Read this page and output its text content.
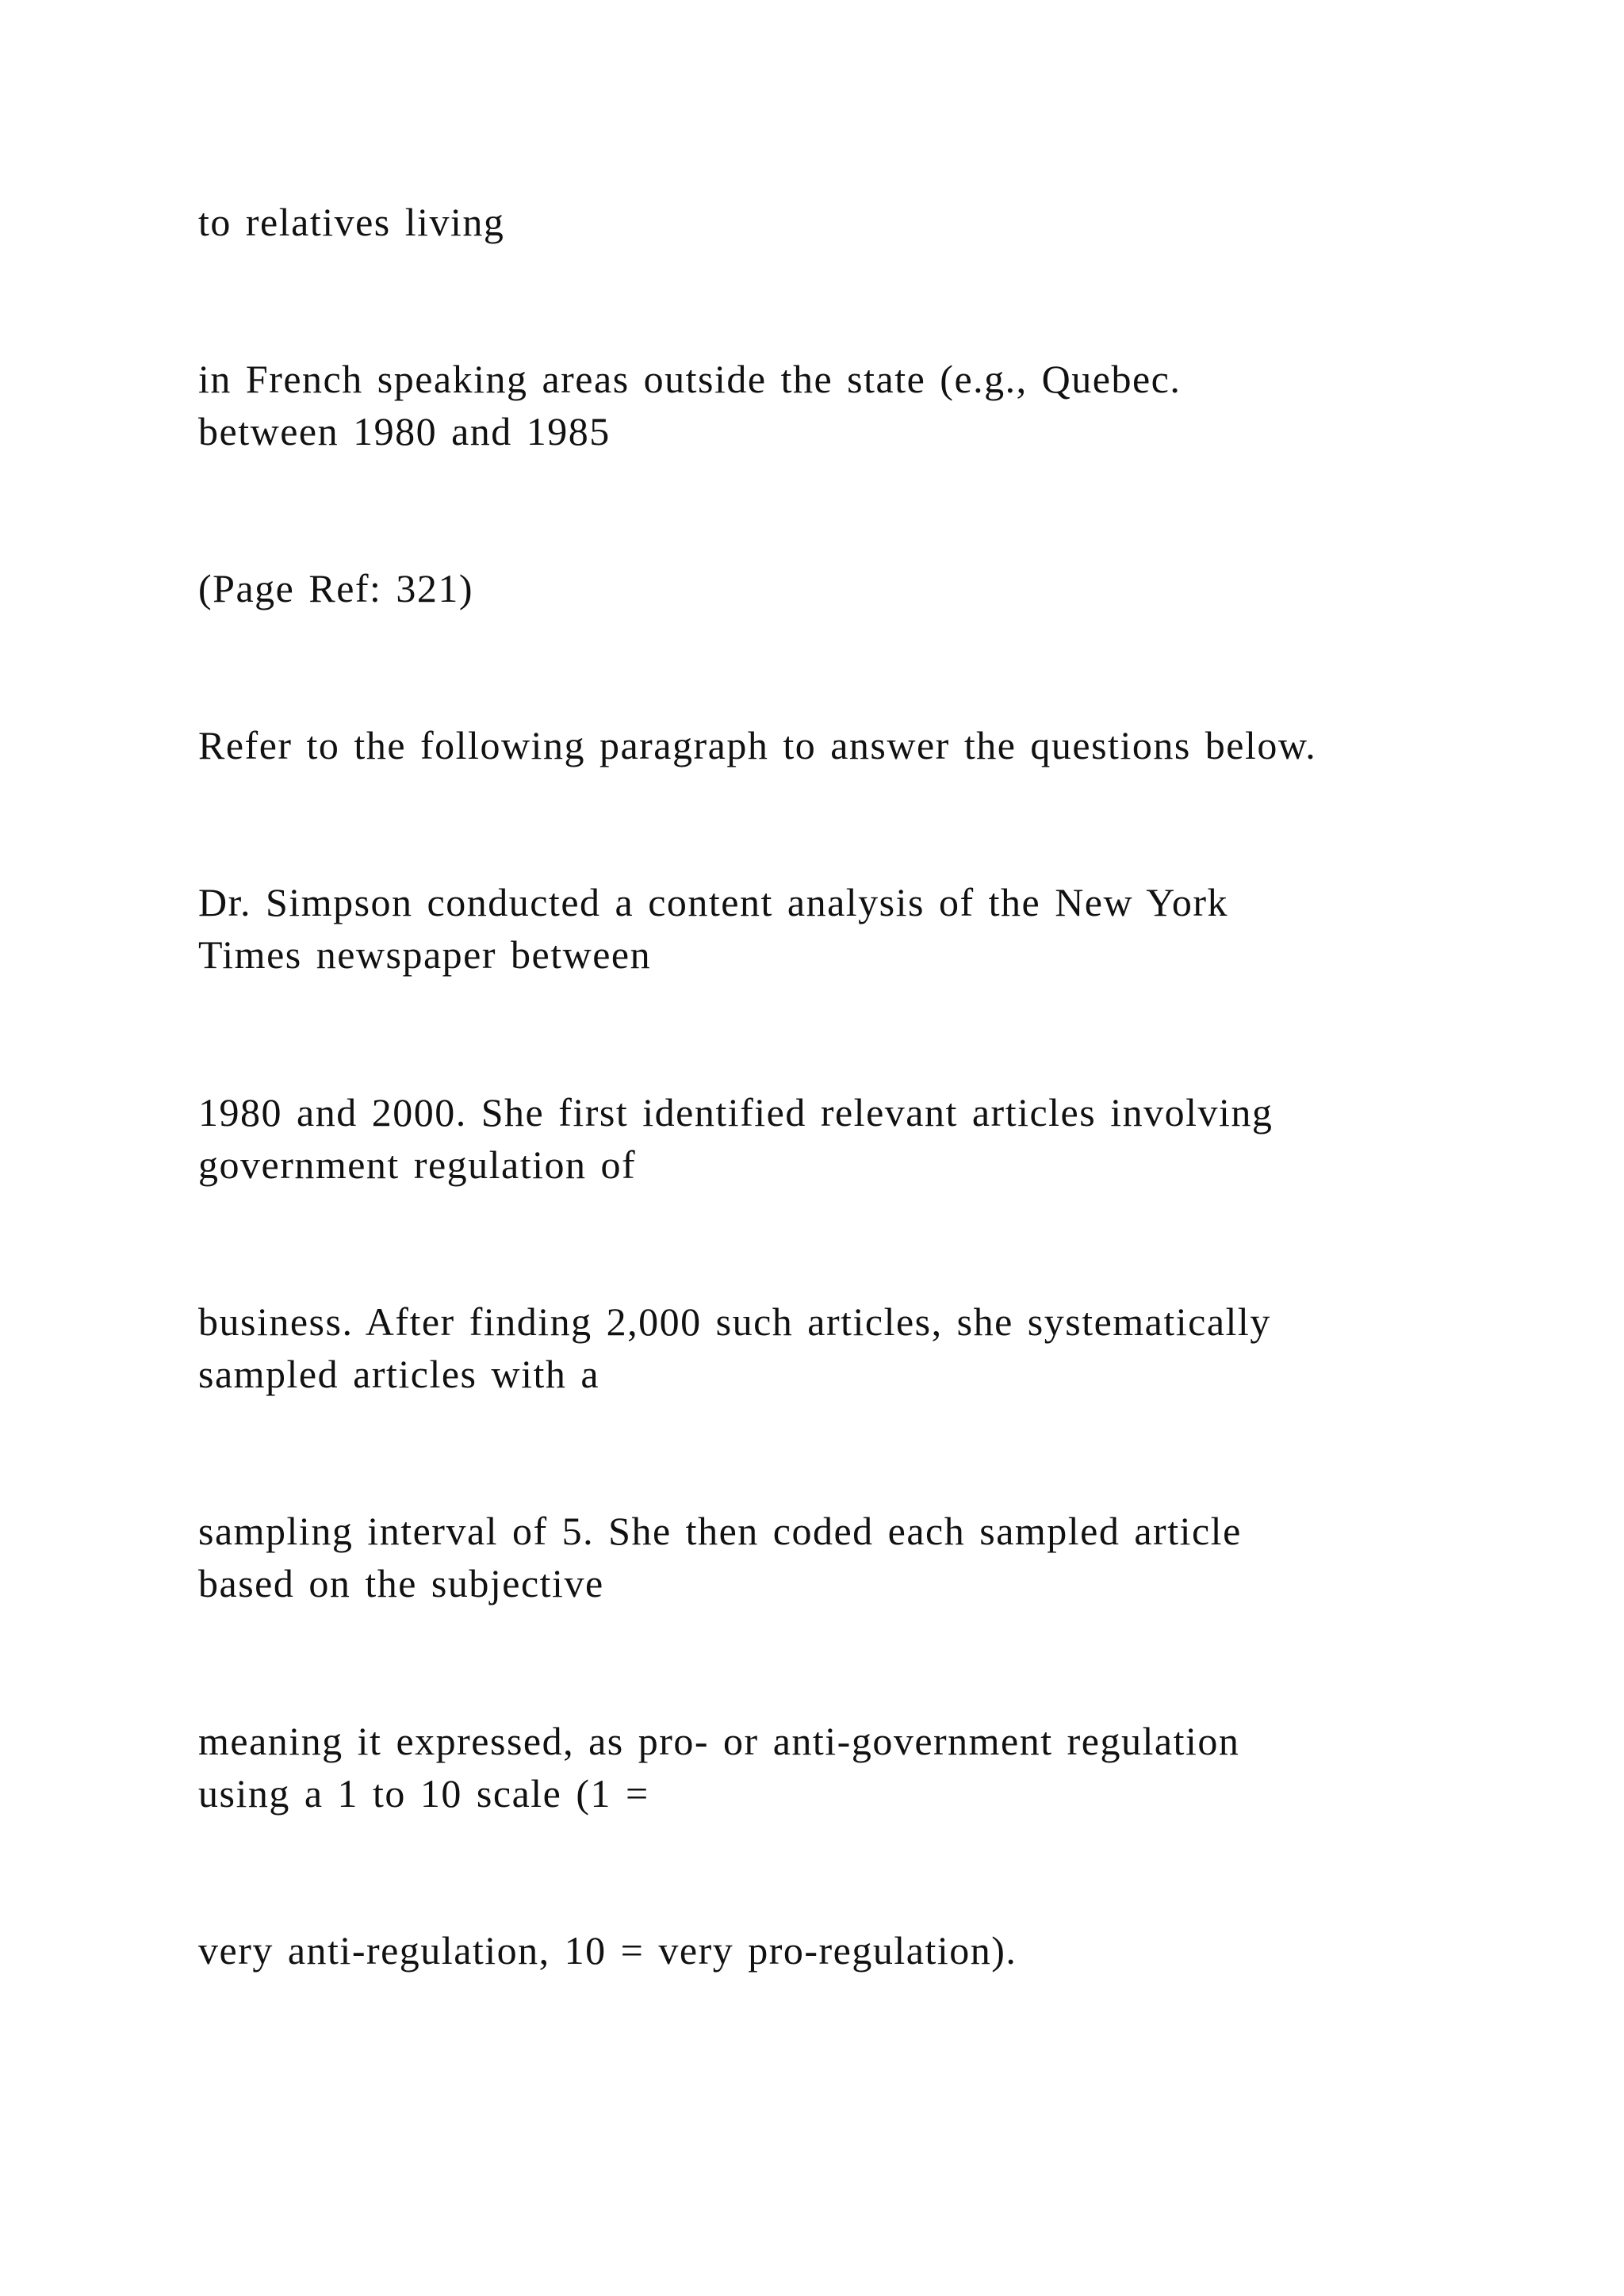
to relatives living

in French speaking areas outside the state (e.g., Quebec.

between 1980 and 1985

(Page Ref: 321)

Refer to the following paragraph to answer the questions below.

Dr. Simpson conducted a content analysis of the New York

Times newspaper between

1980 and 2000. She first identified relevant articles involving

government regulation of

business. After finding 2,000 such articles, she systematically

sampled articles with a

sampling interval of 5. She then coded each sampled article

based on the subjective

meaning it expressed, as pro- or anti-government regulation

using a 1 to 10 scale (1 =

very anti-regulation, 10 = very pro-regulation).
